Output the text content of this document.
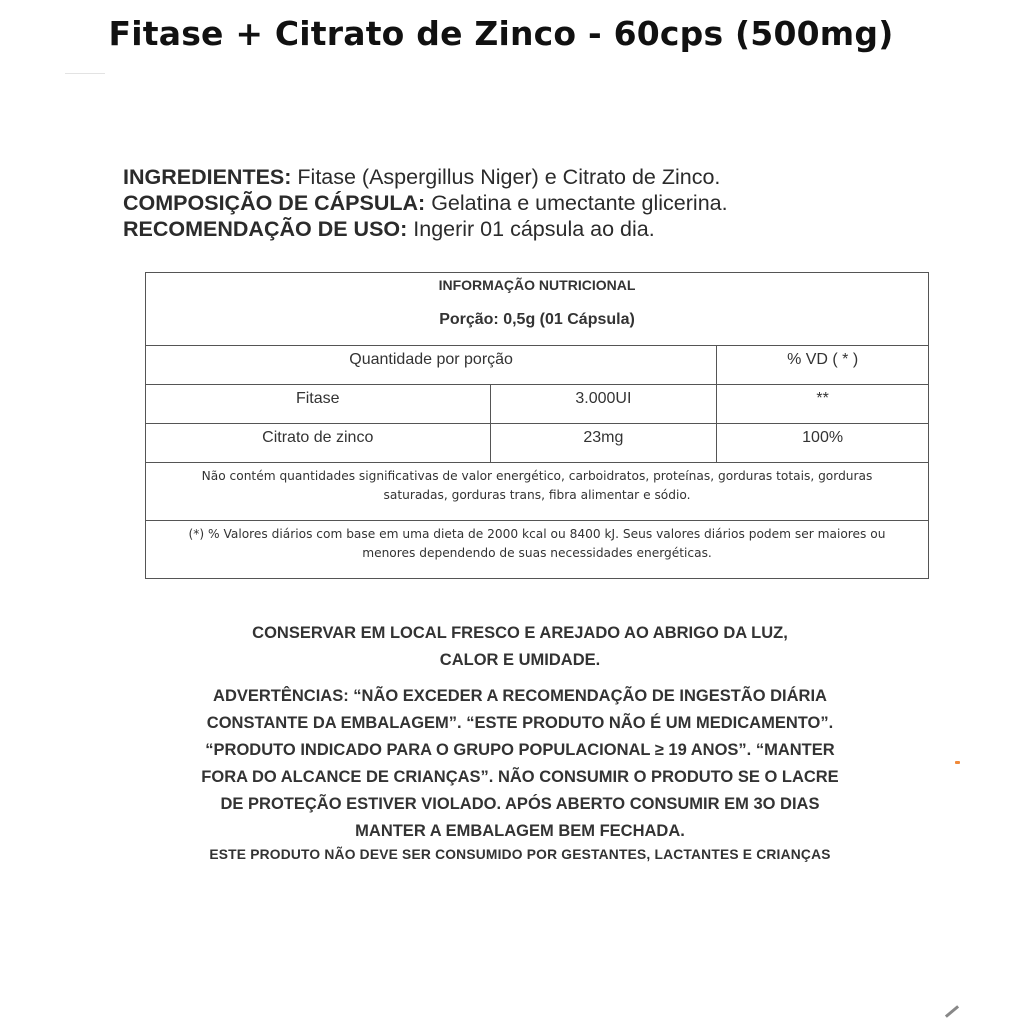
Fitase + Citrato de Zinco - 60cps (500mg)
INGREDIENTES: Fitase (Aspergillus Niger) e Citrato de Zinco.
COMPOSIÇÃO DE CÁPSULA: Gelatina e umectante glicerina.
RECOMENDAÇÃO DE USO: Ingerir 01 cápsula ao dia.
INFORMAÇÃO NUTRICIONAL
Porção: 0,5g (01 Cápsula)		

Quantidade por porção		% VD ( * )
Fitase	3.000UI	**
Citrato de zinco	23mg	100%
Não contém quantidades significativas de valor energético, carboidratos, proteínas, gorduras totais, gorduras saturadas, gorduras trans, fibra alimentar e sódio.		
(*) % Valores diários com base em uma dieta de 2000 kcal ou 8400 kJ. Seus valores diários podem ser maiores ou menores dependendo de suas necessidades energéticas.		
CONSERVAR EM LOCAL FRESCO E AREJADO AO ABRIGO DA LUZ,
CALOR E UMIDADE.
ADVERTÊNCIAS: “NÃO EXCEDER A RECOMENDAÇÃO DE INGESTÃO DIÁRIA
CONSTANTE DA EMBALAGEM”. “ESTE PRODUTO NÃO É UM MEDICAMENTO”.
“PRODUTO INDICADO PARA O GRUPO POPULACIONAL ≥ 19 ANOS”. “MANTER
FORA DO ALCANCE DE CRIANÇAS”. NÃO CONSUMIR O PRODUTO SE O LACRE
DE PROTEÇÃO ESTIVER VIOLADO. APÓS ABERTO CONSUMIR EM 3O DIAS
MANTER A EMBALAGEM BEM FECHADA.
ESTE PRODUTO NÃO DEVE SER CONSUMIDO POR GESTANTES, LACTANTES E CRIANÇAS
